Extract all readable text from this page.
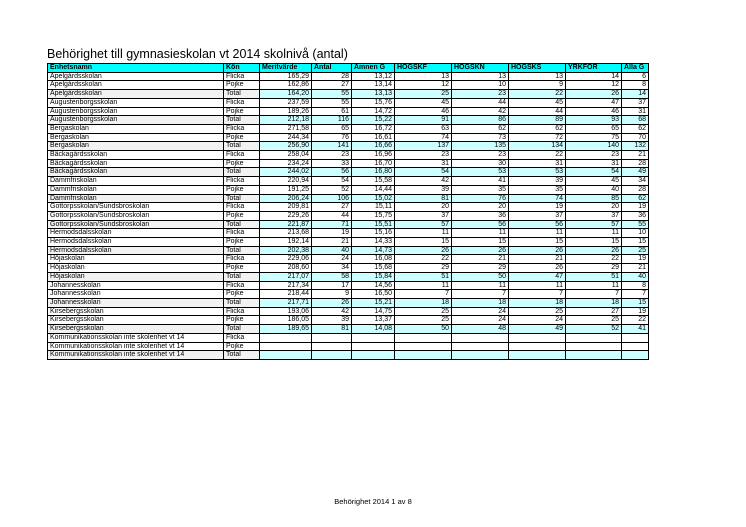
Behörighet till gymnasieskolan vt 2014 skolnivå (antal)
Enhetsnamn	Kön	Meritvärde	Antal	Ämnen G	HÖGSKF	HÖGSKN	HÖGSKS	YRKFÖR	Alla G
Apelgårdsskolan	Flicka	165,29	28	13,12	13	13	13	14	6
Apelgårdsskolan	Pojke	162,86	27	13,14	12	10	9	12	8
Apelgårdsskolan	Total	164,20	55	13,13	25	23	22	26	14
Augustenborgsskolan	Flicka	237,59	55	15,76	45	44	45	47	37
Augustenborgsskolan	Pojke	189,26	61	14,72	46	42	44	46	31
Augustenborgsskolan	Total	212,18	116	15,22	91	86	89	93	68
Bergaskolan	Flicka	271,58	65	16,72	63	62	62	65	62
Bergaskolan	Pojke	244,34	76	16,61	74	73	72	75	70
Bergaskolan	Total	256,90	141	16,66	137	135	134	140	132
Bäckagårdsskolan	Flicka	258,04	23	16,96	23	23	22	23	21
Bäckagårdsskolan	Pojke	234,24	33	16,70	31	30	31	31	28
Bäckagårdsskolan	Total	244,02	56	16,80	54	53	53	54	49
Dammfriskolan	Flicka	220,94	54	15,58	42	41	39	45	34
Dammfriskolan	Pojke	191,25	52	14,44	39	35	35	40	28
Dammfriskolan	Total	206,24	106	15,02	81	76	74	85	62
Gottorpsskolan/Sundsbroskolan	Flicka	209,81	27	15,11	20	20	19	20	19
Gottorpsskolan/Sundsbroskolan	Pojke	229,26	44	15,75	37	36	37	37	36
Gottorpsskolan/Sundsbroskolan	Total	221,87	71	15,51	57	56	56	57	55
Hermodsdalsskolan	Flicka	213,68	19	15,16	11	11	11	11	10
Hermodsdalsskolan	Pojke	192,14	21	14,33	15	15	15	15	15
Hermodsdalsskolan	Total	202,38	40	14,73	26	26	26	26	25
Höjaskolan	Flicka	229,06	24	16,08	22	21	21	22	19
Höjaskolan	Pojke	208,60	34	15,68	29	29	26	29	21
Höjaskolan	Total	217,07	58	15,84	51	50	47	51	40
Johannesskolan	Flicka	217,34	17	14,56	11	11	11	11	8
Johannesskolan	Pojke	218,44	9	16,50	7	7	7	7	7
Johannesskolan	Total	217,71	26	15,21	18	18	18	18	15
Kirsebergsskolan	Flicka	193,06	42	14,75	25	24	25	27	19
Kirsebergsskolan	Pojke	186,05	39	13,37	25	24	24	25	22
Kirsebergsskolan	Total	189,65	81	14,08	50	48	49	52	41
Kommunikationsskolan inte skolenhet vt 14	Flicka								
Kommunikationsskolan inte skolenhet vt 14	Pojke								
Kommunikationsskolan inte skolenhet vt 14	Total								
Behörighet 2014 1 av 8
